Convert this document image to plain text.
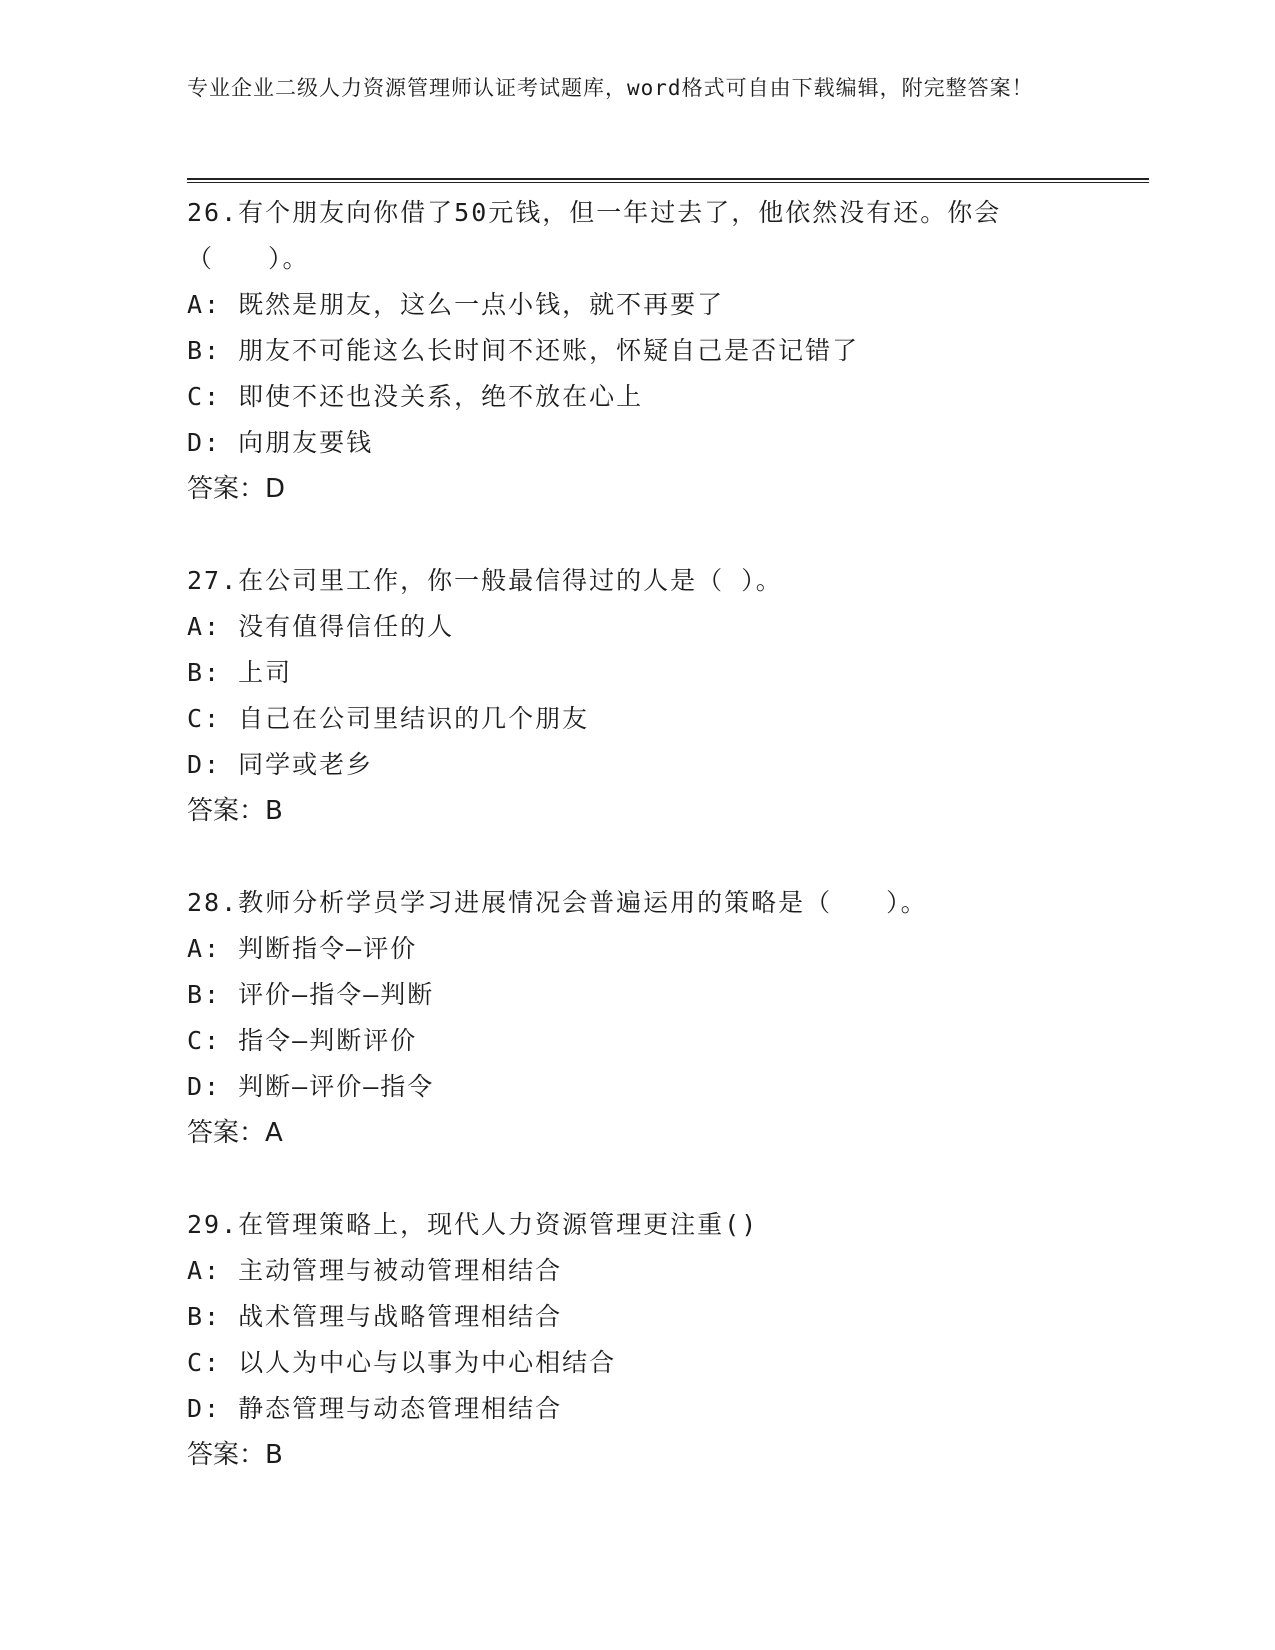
专业企业二级人力资源管理师认证考试题库，word格式可自由下载编辑，附完整答案！
26.有个朋友向你借了50元钱，但一年过去了，他依然没有还。你会（　　）。
A: 既然是朋友，这么一点小钱，就不再要了
B: 朋友不可能这么长时间不还账，怀疑自己是否记错了
C: 即使不还也没关系，绝不放在心上
D: 向朋友要钱
答案：D
27.在公司里工作，你一般最信得过的人是（ ）。
A: 没有值得信任的人
B: 上司
C: 自己在公司里结识的几个朋友
D: 同学或老乡
答案：B
28.教师分析学员学习进展情况会普遍运用的策略是（　　）。
A: 判断指令—评价
B: 评价—指令—判断
C: 指令—判断评价
D: 判断—评价—指令
答案：A
29.在管理策略上，现代人力资源管理更注重()
A: 主动管理与被动管理相结合
B: 战术管理与战略管理相结合
C: 以人为中心与以事为中心相结合
D: 静态管理与动态管理相结合
答案：B
